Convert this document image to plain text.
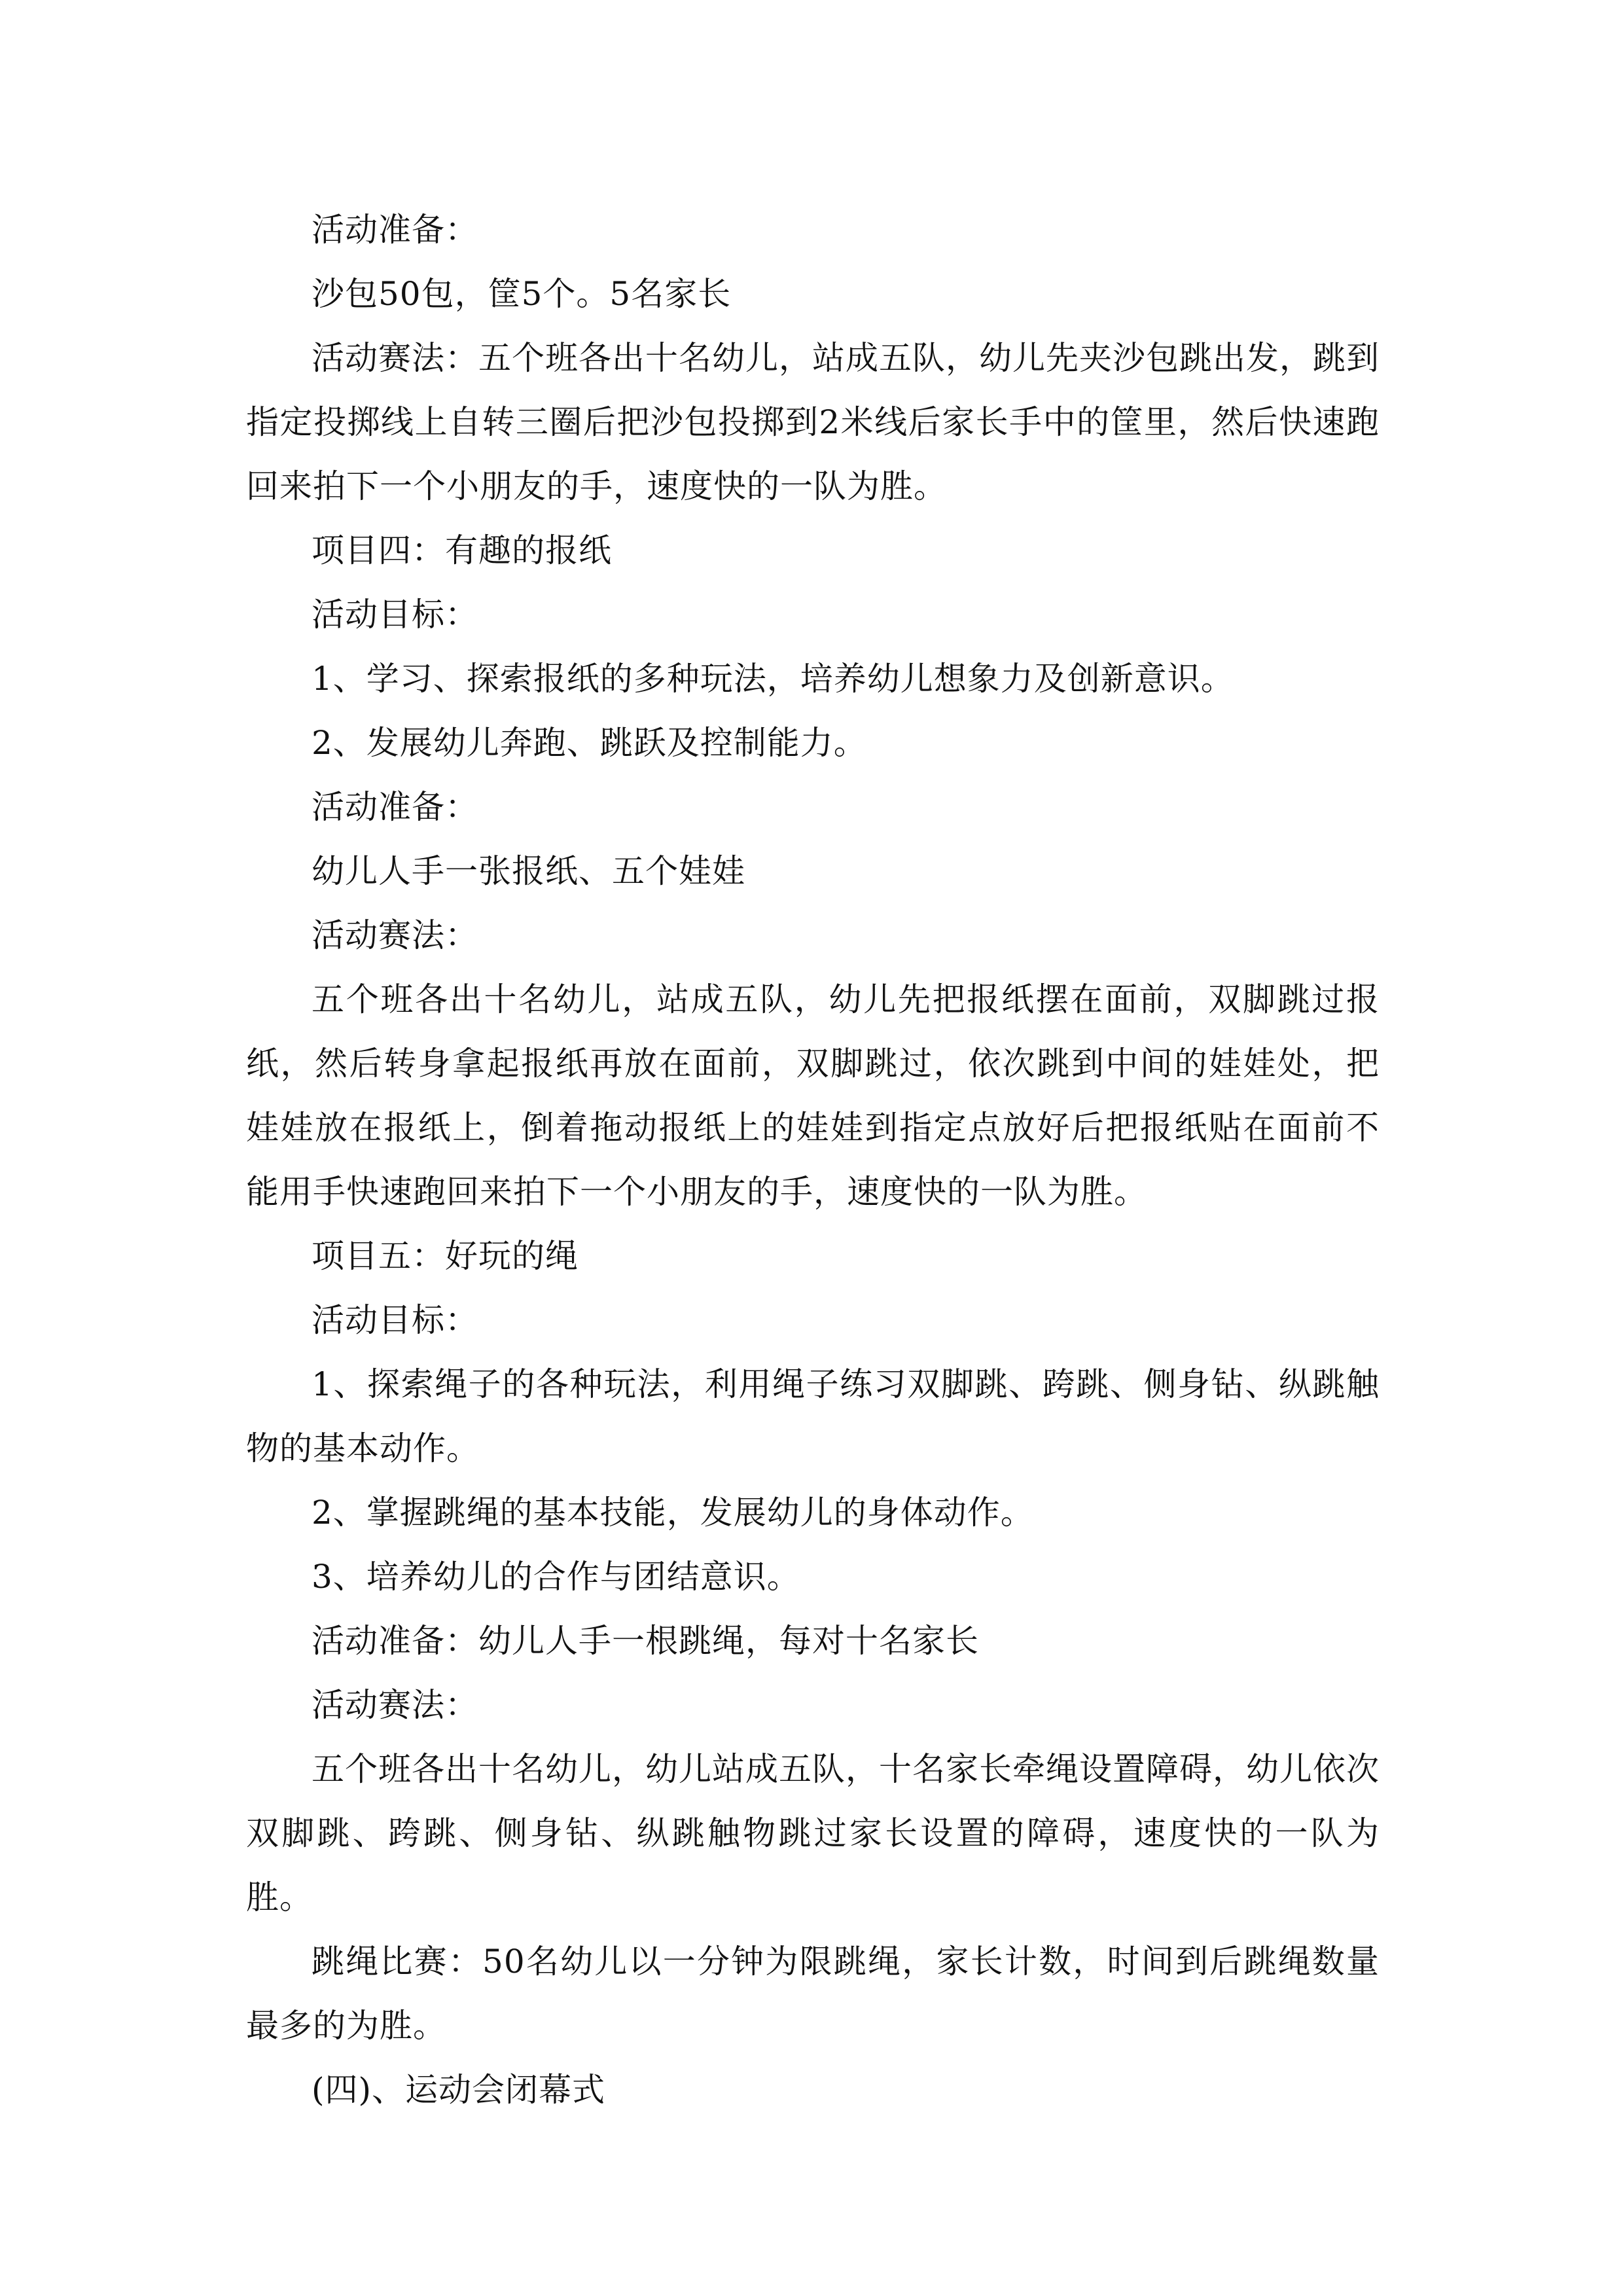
活动准备：

沙包50包，筐5个。5名家长

活动赛法：五个班各出十名幼儿，站成五队，幼儿先夹沙包跳出发，跳到指定投掷线上自转三圈后把沙包投掷到2米线后家长手中的筐里，然后快速跑回来拍下一个小朋友的手，速度快的一队为胜。

项目四：有趣的报纸

活动目标：

1、学习、探索报纸的多种玩法，培养幼儿想象力及创新意识。

2、发展幼儿奔跑、跳跃及控制能力。

活动准备：

幼儿人手一张报纸、五个娃娃

活动赛法：

五个班各出十名幼儿，站成五队，幼儿先把报纸摆在面前，双脚跳过报纸，然后转身拿起报纸再放在面前，双脚跳过，依次跳到中间的娃娃处，把娃娃放在报纸上，倒着拖动报纸上的娃娃到指定点放好后把报纸贴在面前不能用手快速跑回来拍下一个小朋友的手，速度快的一队为胜。

项目五：好玩的绳

活动目标：

1、探索绳子的各种玩法，利用绳子练习双脚跳、跨跳、侧身钻、纵跳触物的基本动作。

2、掌握跳绳的基本技能，发展幼儿的身体动作。

3、培养幼儿的合作与团结意识。

活动准备：幼儿人手一根跳绳，每对十名家长

活动赛法：

五个班各出十名幼儿，幼儿站成五队，十名家长牵绳设置障碍，幼儿依次双脚跳、跨跳、侧身钻、纵跳触物跳过家长设置的障碍，速度快的一队为胜。

跳绳比赛：50名幼儿以一分钟为限跳绳，家长计数，时间到后跳绳数量最多的为胜。

(四)、运动会闭幕式
